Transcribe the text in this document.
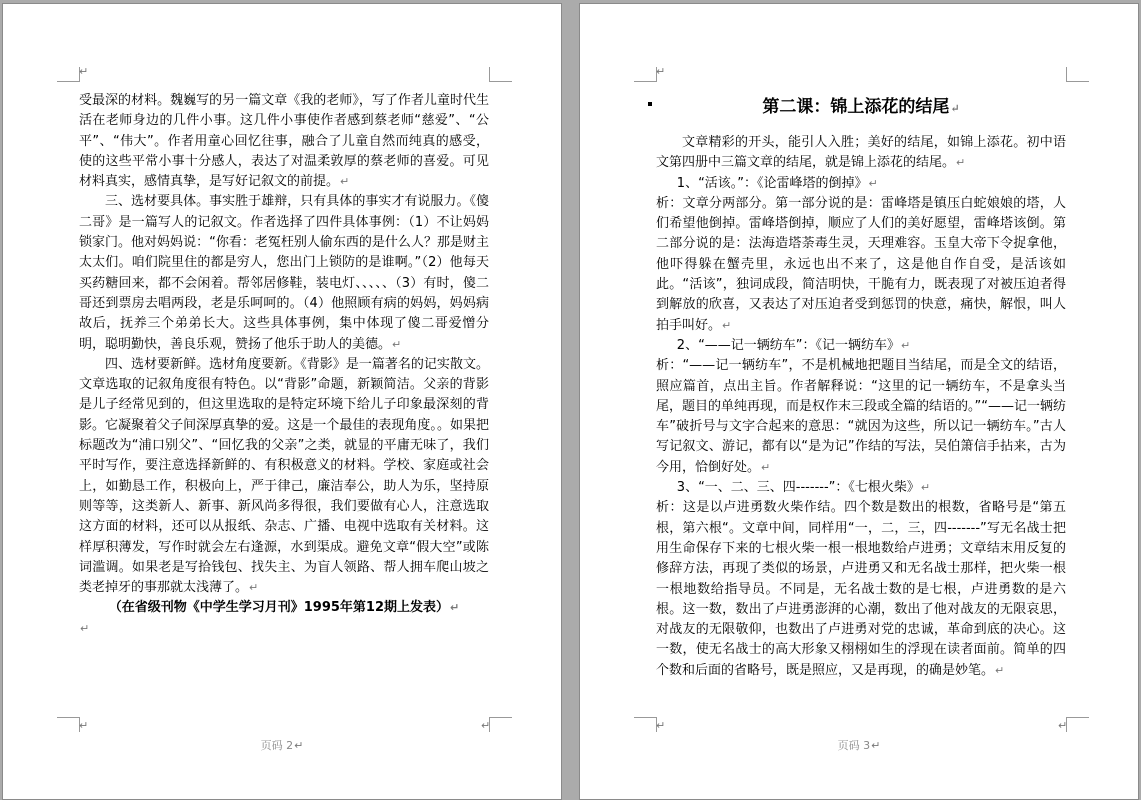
↵

受最深的材料。魏巍写的另一篇文章《我的老师》，写了作者儿童时代生活在老师身边的几件小事。这几件小事使作者感到蔡老师“慈爱”、“公平”、“伟大”。作者用童心回忆往事，融合了儿童自然而纯真的感受，使的这些平常小事十分感人，表达了对温柔敦厚的蔡老师的喜爱。可见材料真实，感情真挚，是写好记叙文的前提。↵

三、选材要具体。事实胜于雄辩，只有具体的事实才有说服力。《傻二哥》是一篇写人的记叙文。作者选择了四件具体事例：（1）不让妈妈锁家门。他对妈妈说：“你看：老冤枉别人偷东西的是什么人？那是财主太太们。咱们院里住的都是穷人，您出门上锁防的是谁啊。”（2）他每天买药糖回来，都不会闲着。帮邻居修鞋，装电灯、、、、、（3）有时，傻二哥还到票房去唱两段，老是乐呵呵的。（4）他照顾有病的妈妈，妈妈病故后，抚养三个弟弟长大。这些具体事例，集中体现了傻二哥爱憎分明，聪明勤快，善良乐观，赞扬了他乐于助人的美德。↵

四、选材要新鲜。选材角度要新。《背影》是一篇著名的记实散文。文章选取的记叙角度很有特色。以“背影”命题，新颖简洁。父亲的背影是儿子经常见到的，但这里选取的是特定环境下给儿子印象最深刻的背影。它凝聚着父子间深厚真挚的爱。这是一个最佳的表现角度。。如果把标题改为“浦口别父”、“回忆我的父亲”之类，就显的平庸无味了，我们平时写作，要注意选择新鲜的、有积极意义的材料。学校、家庭或社会上，如勤恳工作，积极向上，严于律己，廉洁奉公，助人为乐，坚持原则等等，这类新人、新事、新风尚多得很，我们要做有心人，注意选取这方面的材料，还可以从报纸、杂志、广播、电视中选取有关材料。这样厚积薄发，写作时就会左右逢源，水到渠成。避免文章“假大空”或陈词滥调。如果老是写拾钱包、找失主、为盲人领路、帮人拥车爬山坡之类老掉牙的事那就太浅薄了。↵

（在省级刊物《中学生学习月刊》1995年第12期上发表）↵

↵

↵	↵
页码 2↵
↵
第二课：锦上添花的结尾↵

文章精彩的开头，能引人入胜；美好的结尾，如锦上添花。初中语文第四册中三篇文章的结尾，就是锦上添花的结尾。↵

1、“活该。”：《论雷峰塔的倒掉》↵

析：文章分两部分。第一部分说的是：雷峰塔是镇压白蛇娘娘的塔，人们希望他倒掉。雷峰塔倒掉，顺应了人们的美好愿望，雷峰塔该倒。第二部分说的是：法海造塔荼毒生灵，天理难容。玉皇大帝下令捉拿他，他吓得躲在蟹壳里，永远也出不来了，这是他自作自受，是活该如此。“活该”，独词成段，简洁明快，干脆有力，既表现了对被压迫者得到解放的欣喜，又表达了对压迫者受到惩罚的快意，痛快，解恨，叫人拍手叫好。↵

2、“——记一辆纺车”：《记一辆纺车》↵

析：“——记一辆纺车”，不是机械地把题目当结尾，而是全文的结语，照应篇首，点出主旨。作者解释说：“这里的记一辆纺车，不是拿头当尾，题目的单纯再现，而是权作末三段或全篇的结语的。”“——记一辆纺车”破折号与文字合起来的意思：“就因为这些，所以记一辆纺车。”古人写记叙文、游记，都有以“是为记”作结的写法，吴伯箫信手拈来，古为今用，恰倒好处。↵

3、“一、二、三、四-------”：《七根火柴》↵

析：这是以卢进勇数火柴作结。四个数是数出的根数，省略号是“第五根，第六根“。文章中间，同样用“一，二，三，四-------”写无名战士把用生命保存下来的七根火柴一根一根地数给卢进勇；文章结末用反复的修辞方法，再现了类似的场景，卢进勇又和无名战士那样，把火柴一根一根地数给指导员。不同是，无名战士数的是七根，卢进勇数的是六根。这一数，数出了卢进勇澎湃的心潮，数出了他对战友的无限哀思，对战友的无限敬仰，也数出了卢进勇对党的忠诚，革命到底的决心。这一数，使无名战士的高大形象又栩栩如生的浮现在读者面前。简单的四个数和后面的省略号，既是照应，又是再现，的确是妙笔。↵

↵	↵
页码 3↵
